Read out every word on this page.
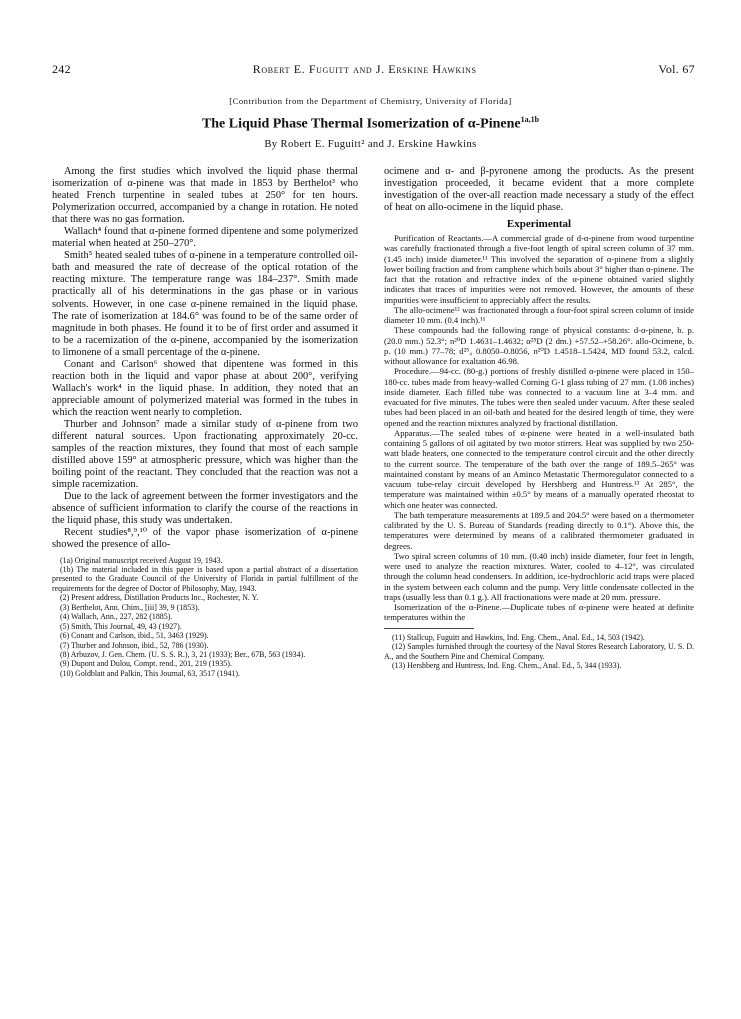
242	Robert E. Fuguitt and J. Erskine Hawkins	Vol. 67
[Contribution from the Department of Chemistry, University of Florida]
The Liquid Phase Thermal Isomerization of α-Pinene$^{1a,1b}$
By Robert E. Fuguitt² and J. Erskine Hawkins

Among the first studies which involved the liquid phase thermal isomerization of α-pinene was that made in 1853 by Berthelot³ who heated French turpentine in sealed tubes at 250° for ten hours. Polymerization occurred, accompanied by a change in rotation. He noted that there was no gas formation.

Wallach⁴ found that α-pinene formed dipentene and some polymerized material when heated at 250–270°.

Smith⁵ heated sealed tubes of α-pinene in a temperature controlled oil-bath and measured the rate of decrease of the optical rotation of the reacting mixture. The temperature range was 184–237°. Smith made practically all of his determinations in the gas phase or in various solvents. However, in one case α-pinene remained in the liquid phase. The rate of isomerization at 184.6° was found to be of the same order of magnitude in both phases. He found it to be of first order and assumed it to be a racemization of the α-pinene, accompanied by the isomerization to limonene of a small percentage of the α-pinene.

Conant and Carlson⁶ showed that dipentene was formed in this reaction both in the liquid and vapor phase at about 200°, verifying Wallach's work⁴ in the liquid phase. In addition, they noted that an appreciable amount of polymerized material was formed in the tubes in which the reaction went nearly to completion.

Thurber and Johnson⁷ made a similar study of α-pinene from two different natural sources. Upon fractionating approximately 20-cc. samples of the reaction mixtures, they found that most of each sample distilled above 159° at atmospheric pressure, which was higher than the boiling point of the reactant. They concluded that the reaction was not a simple racemization.

Due to the lack of agreement between the former investigators and the absence of sufficient information to clarify the course of the reactions in the liquid phase, this study was undertaken.

Recent studies⁸,⁹,¹⁰ of the vapor phase isomerization of α-pinene showed the presence of allo-

(1a) Original manuscript received August 19, 1943.

(1b) The material included in this paper is based upon a partial abstract of a dissertation presented to the Graduate Council of the University of Florida in partial fulfillment of the requirements for the degree of Doctor of Philosophy, May, 1943.

(2) Present address, Distillation Products Inc., Rochester, N. Y.

(3) Berthelot, Ann. Chim., [iii] 39, 9 (1853).

(4) Wallach, Ann., 227, 282 (1885).

(5) Smith, This Journal, 49, 43 (1927).

(6) Conant and Carlson, ibid., 51, 3463 (1929).

(7) Thurber and Johnson, ibid., 52, 786 (1930).

(8) Arbuzov, J. Gen. Chem. (U. S. S. R.), 3, 21 (1933); Ber., 67B, 563 (1934).

(9) Dupont and Dulou, Compt. rend., 201, 219 (1935).

(10) Goldblatt and Palkin, This Journal, 63, 3517 (1941).

ocimene and α- and β-pyronene among the products. As the present investigation proceeded, it became evident that a more complete investigation of the over-all reaction made necessary a study of the effect of heat on allo-ocimene in the liquid phase.

Experimental

Purification of Reactants.—A commercial grade of d-α-pinene from wood turpentine was carefully fractionated through a five-foot length of spiral screen column of 37 mm. (1.45 inch) inside diameter.¹¹ This involved the separation of α-pinene from a slightly lower boiling fraction and from camphene which boils about 3° higher than α-pinene. The fact that the rotation and refractive index of the α-pinene obtained varied slightly indicates that traces of impurities were not removed. However, the amounts of these impurities were insufficient to appreciably affect the results.

The allo-ocimene¹² was fractionated through a four-foot spiral screen column of inside diameter 10 mm. (0.4 inch).¹¹

These compounds had the following range of physical constants: d-α-pinene, b. p. (20.0 mm.) 52.3°; n²⁰D 1.4631–1.4632; α²⁵D (2 dm.) +57.52–+58.26°. allo-Ocimene, b. p. (10 mm.) 77–78; d²⁵₄ 0.8050–0.8056, n²⁰D 1.4518–1.5424, MD found 53.2, calcd. without allowance for exaltation 46.98.

Procedure.—94-cc. (80-g.) portions of freshly distilled α-pinene were placed in 150–180-cc. tubes made from heavy-walled Corning G-1 glass tubing of 27 mm. (1.08 inches) inside diameter. Each filled tube was connected to a vacuum line at 3–4 mm. and evacuated for five minutes. The tubes were then sealed under vacuum. After these sealed tubes had been placed in an oil-bath and heated for the desired length of time, they were opened and the reaction mixtures analyzed by fractional distillation.

Apparatus.—The sealed tubes of α-pinene were heated in a well-insulated bath containing 5 gallons of oil agitated by two motor stirrers. Heat was supplied by two 250-watt blade heaters, one connected to the temperature control circuit and the other directly to the current source. The temperature of the bath over the range of 189.5–265° was maintained constant by means of an Aminco Metastatic Thermoregulator connected to a vacuum tube-relay circuit developed by Hershberg and Huntress.¹³ At 285°, the temperature was maintained within ±0.5° by means of a manually operated rheostat to which one heater was connected.

The bath temperature measurements at 189.5 and 204.5° were based on a thermometer calibrated by the U. S. Bureau of Standards (reading directly to 0.1°). Above this, the temperatures were determined by means of a calibrated thermometer graduated in degrees.

Two spiral screen columns of 10 mm. (0.40 inch) inside diameter, four feet in length, were used to analyze the reaction mixtures. Water, cooled to 4–12°, was circulated through the column head condensers. In addition, ice-hydrochloric acid traps were placed in the system between each column and the pump. Very little condensate collected in the traps (usually less than 0.1 g.). All fractionations were made at 20 mm. pressure.

Isomerization of the α-Pinene.—Duplicate tubes of α-pinene were heated at definite temperatures within the

(11) Stallcup, Fuguitt and Hawkins, Ind. Eng. Chem., Anal. Ed., 14, 503 (1942).

(12) Samples furnished through the courtesy of the Naval Stores Research Laboratory, U. S. D. A., and the Southern Pine and Chemical Company.

(13) Hershberg and Huntress, Ind. Eng. Chem., Anal. Ed., 5, 344 (1933).
